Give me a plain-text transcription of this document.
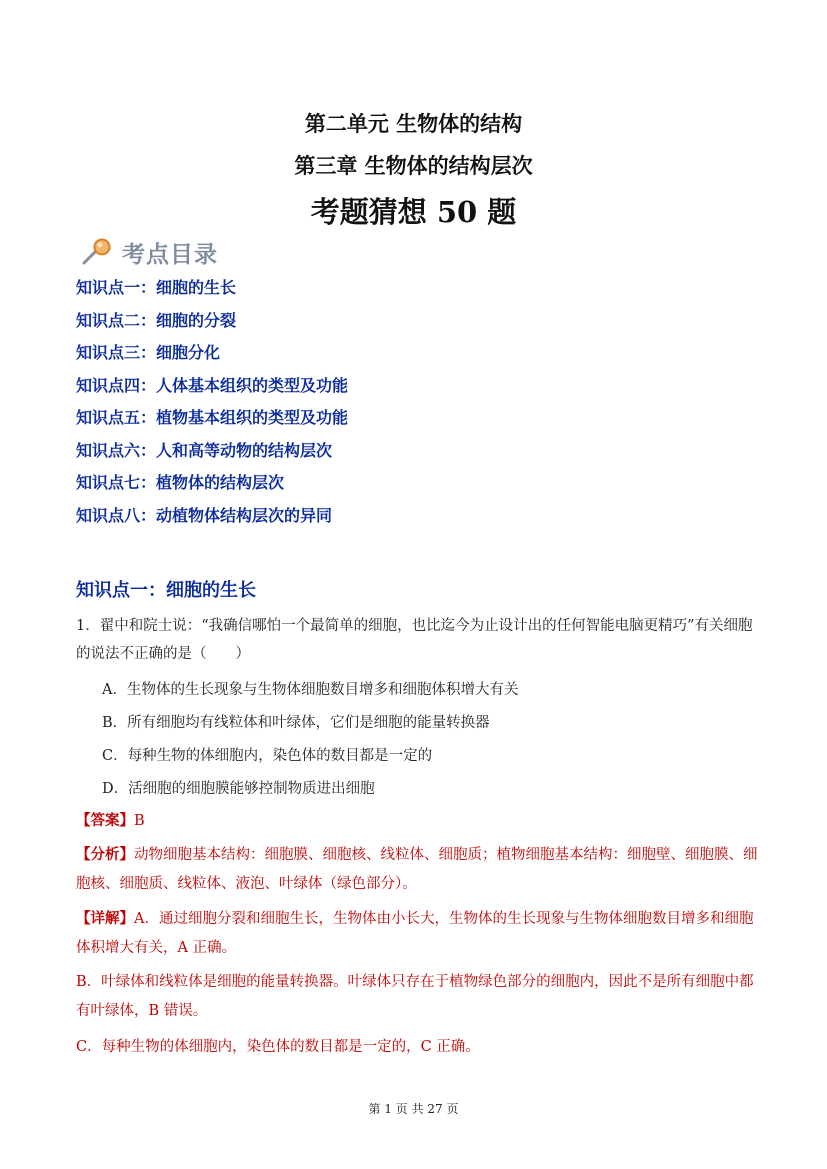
第二单元 生物体的结构
第三章 生物体的结构层次
考题猜想 50 题
考点目录
知识点一：细胞的生长
知识点二：细胞的分裂
知识点三：细胞分化
知识点四：人体基本组织的类型及功能
知识点五：植物基本组织的类型及功能
知识点六：人和高等动物的结构层次
知识点七：植物体的结构层次
知识点八：动植物体结构层次的异同
知识点一：细胞的生长
1．翟中和院士说：“我确信哪怕一个最简单的细胞，也比迄今为止设计出的任何智能电脑更精巧”有关细胞的说法不正确的是（　　）
A．生物体的生长现象与生物体细胞数目增多和细胞体积增大有关
B．所有细胞均有线粒体和叶绿体，它们是细胞的能量转换器
C．每种生物的体细胞内，染色体的数目都是一定的
D．活细胞的细胞膜能够控制物质进出细胞
【答案】B
【分析】动物细胞基本结构：细胞膜、细胞核、线粒体、细胞质；植物细胞基本结构：细胞壁、细胞膜、细胞核、细胞质、线粒体、液泡、叶绿体（绿色部分）。
【详解】A．通过细胞分裂和细胞生长，生物体由小长大，生物体的生长现象与生物体细胞数目增多和细胞体积增大有关，A 正确。
B．叶绿体和线粒体是细胞的能量转换器。叶绿体只存在于植物绿色部分的细胞内，因此不是所有细胞中都有叶绿体，B 错误。
C．每种生物的体细胞内，染色体的数目都是一定的，C 正确。
第 1 页 共 27 页
